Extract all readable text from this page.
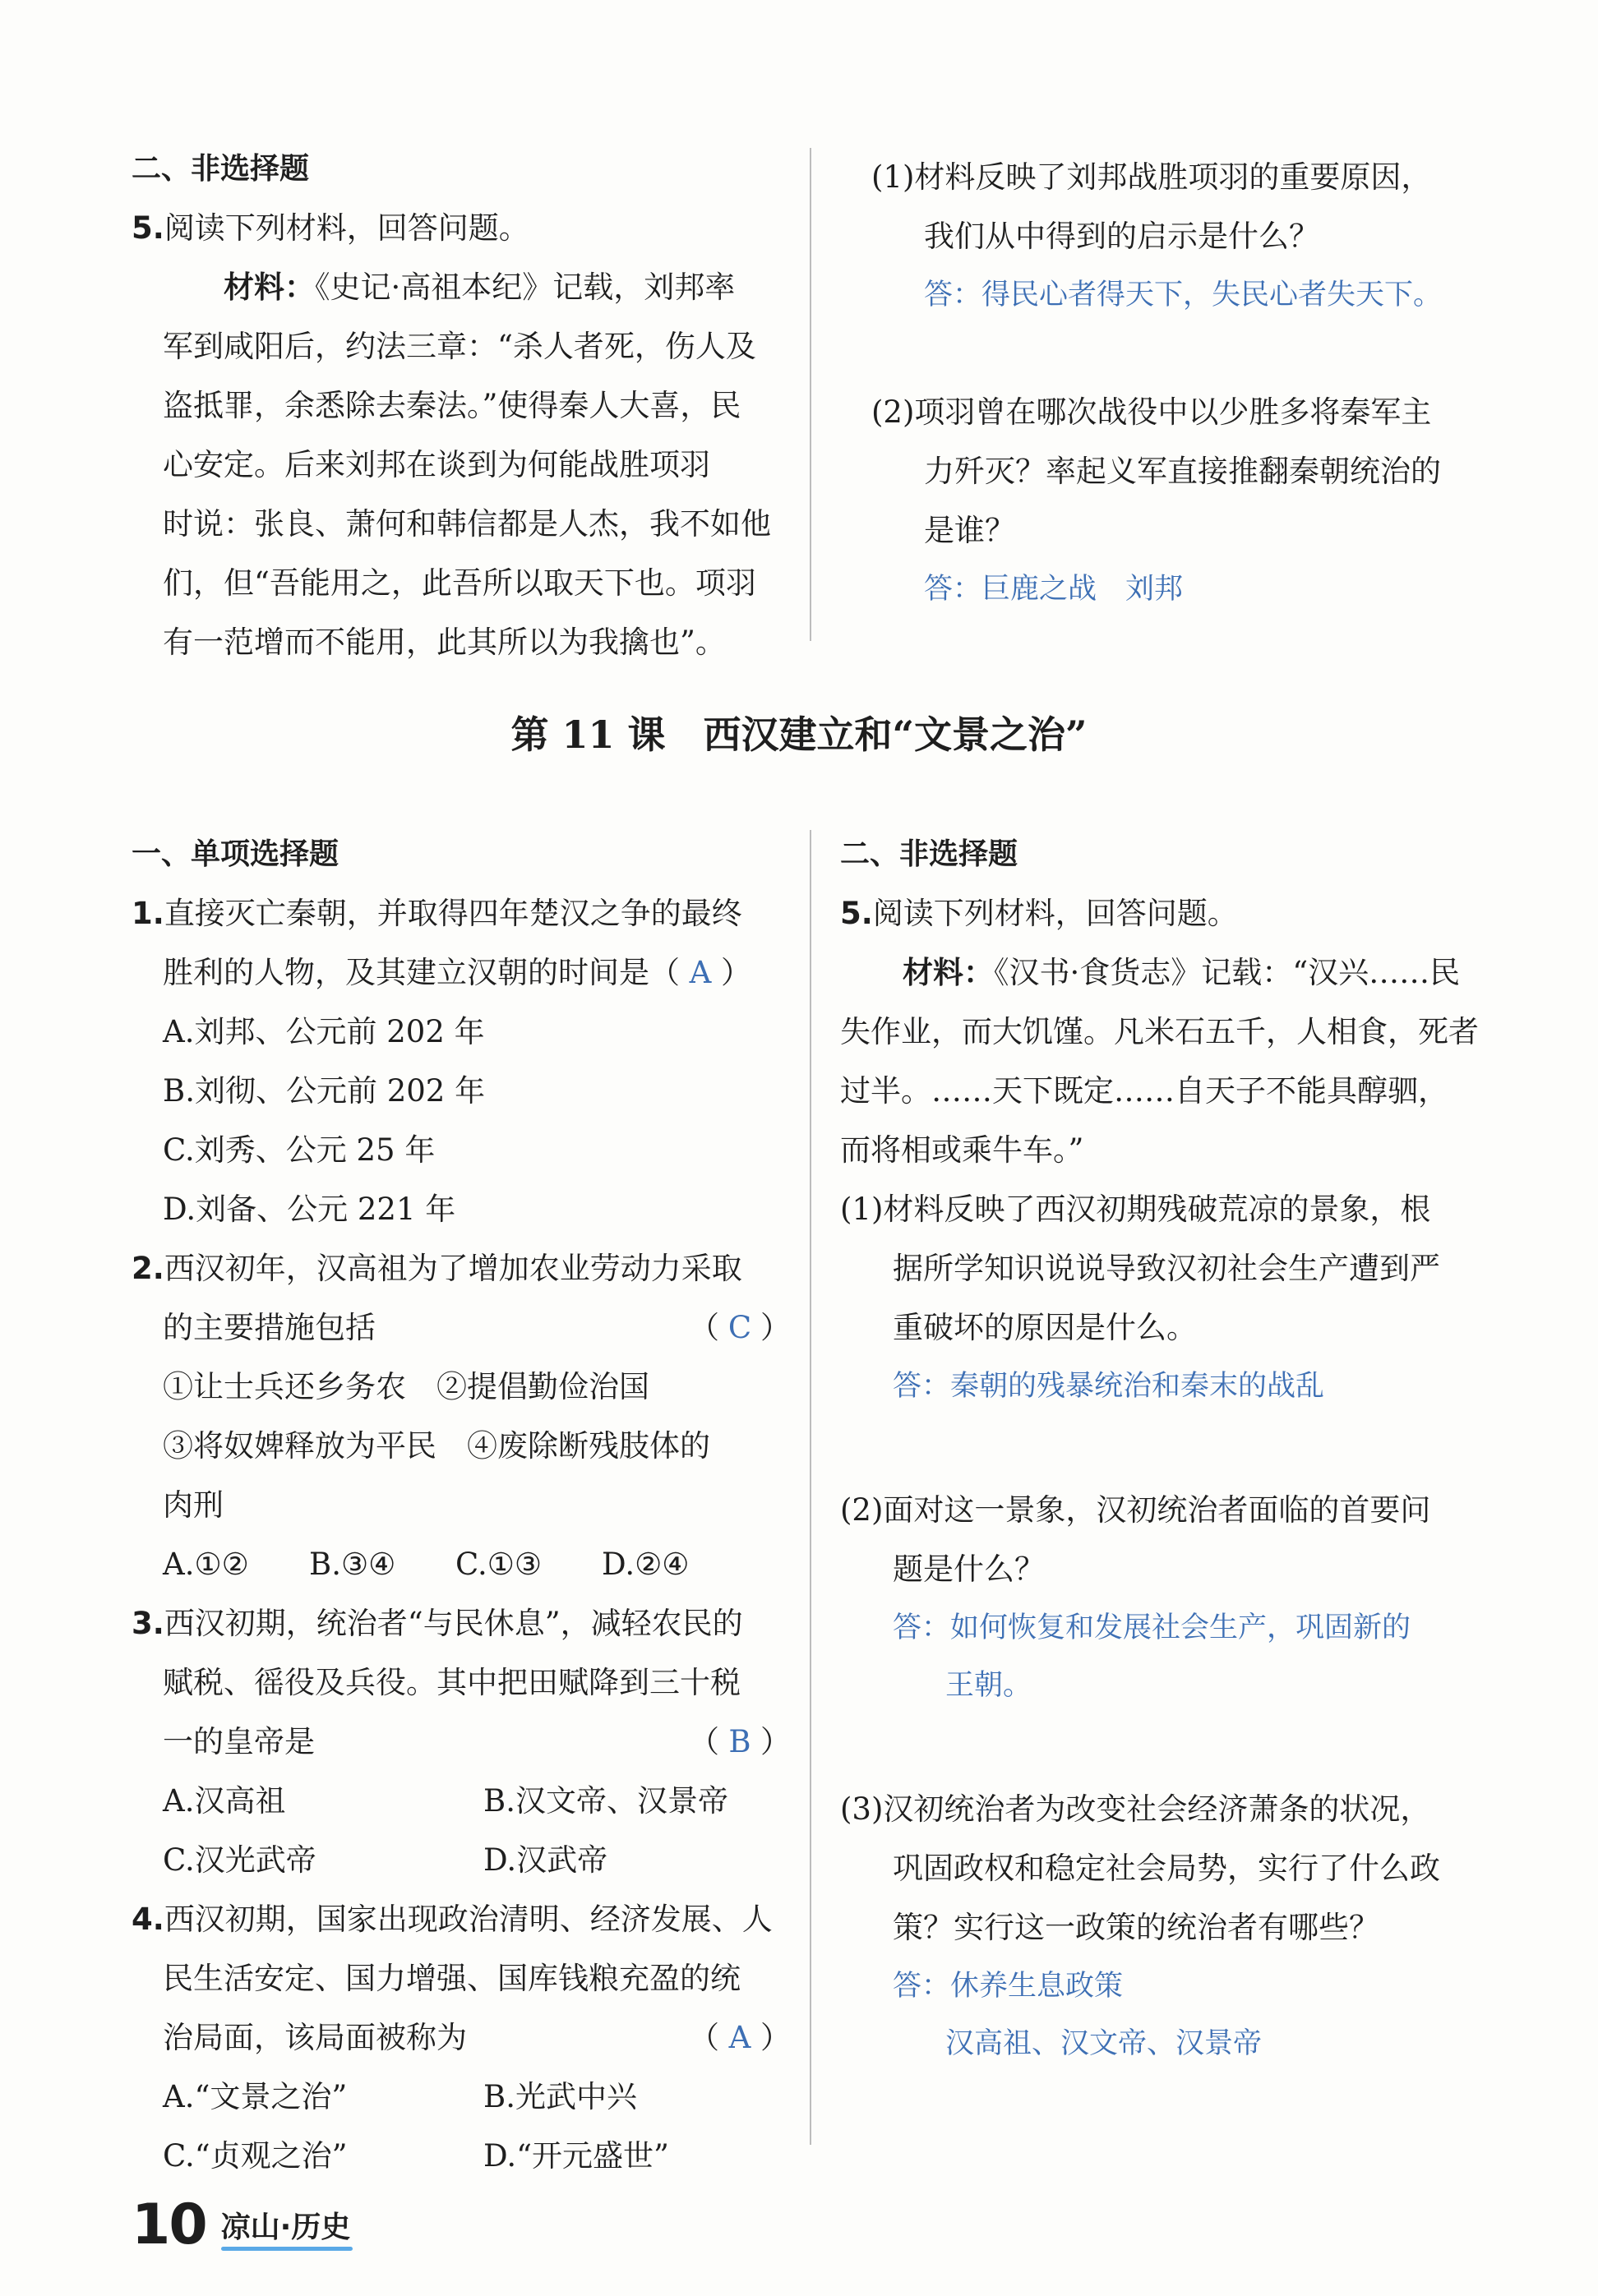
二、非选择题
5.阅读下列材料，回答问题。
材料：《史记·高祖本纪》记载，刘邦率
军到咸阳后，约法三章：“杀人者死，伤人及
盗抵罪，余悉除去秦法。”使得秦人大喜，民
心安定。后来刘邦在谈到为何能战胜项羽
时说：张良、萧何和韩信都是人杰，我不如他
们，但“吾能用之，此吾所以取天下也。项羽
有一范增而不能用，此其所以为我擒也”。
(1)材料反映了刘邦战胜项羽的重要原因，
我们从中得到的启示是什么？
答：得民心者得天下，失民心者失天下。
(2)项羽曾在哪次战役中以少胜多将秦军主
力歼灭？率起义军直接推翻秦朝统治的
是谁？
答：巨鹿之战　刘邦
第 11 课　西汉建立和“文景之治”
一、单项选择题
1.直接灭亡秦朝，并取得四年楚汉之争的最终
胜利的人物，及其建立汉朝的时间是（ A ）
A.刘邦、公元前 202 年
B.刘彻、公元前 202 年
C.刘秀、公元 25 年
D.刘备、公元 221 年
2.西汉初年，汉高祖为了增加农业劳动力采取
的主要措施包括	（ C ）
①让士兵还乡务农　②提倡勤俭治国
③将奴婢释放为平民　④废除断残肢体的
肉刑
A.①② B.③④ C.①③ D.②④
3.西汉初期，统治者“与民休息”，减轻农民的
赋税、徭役及兵役。其中把田赋降到三十税
一的皇帝是	（ B ）
A.汉高祖	B.汉文帝、汉景帝
C.汉光武帝	D.汉武帝
4.西汉初期，国家出现政治清明、经济发展、人
民生活安定、国力增强、国库钱粮充盈的统
治局面，该局面被称为	（ A ）
A.“文景之治”	B.光武中兴
C.“贞观之治”	D.“开元盛世”
二、非选择题
5.阅读下列材料，回答问题。
材料：《汉书·食货志》记载：“汉兴……民
失作业，而大饥馑。凡米石五千，人相食，死者
过半。……天下既定……自天子不能具醇驷，
而将相或乘牛车。”
(1)材料反映了西汉初期残破荒凉的景象，根
据所学知识说说导致汉初社会生产遭到严
重破坏的原因是什么。
答：秦朝的残暴统治和秦末的战乱
(2)面对这一景象，汉初统治者面临的首要问
题是什么？
答：如何恢复和发展社会生产，巩固新的
王朝。
(3)汉初统治者为改变社会经济萧条的状况，
巩固政权和稳定社会局势，实行了什么政
策？实行这一政策的统治者有哪些？
答：休养生息政策
汉高祖、汉文帝、汉景帝
10 凉山·历史
